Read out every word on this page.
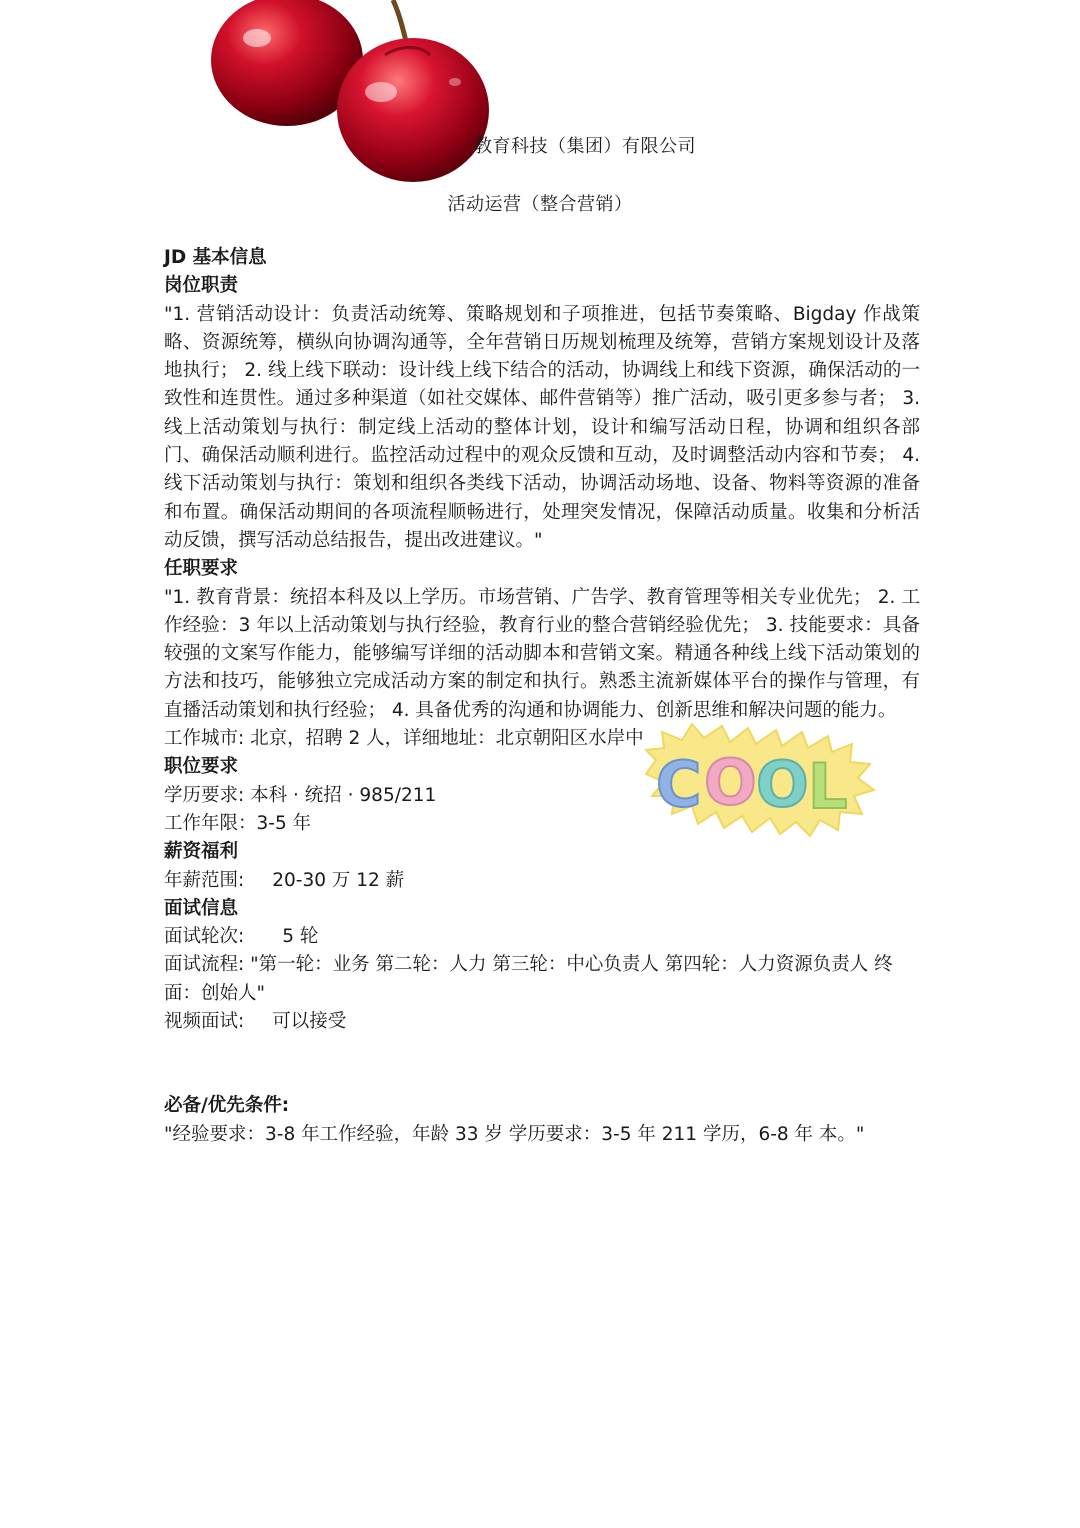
教育科技（集团）有限公司
活动运营（整合营销）

JD 基本信息

岗位职责

"1. 营销活动设计：负责活动统筹、策略规划和子项推进，包括节奏策略、Bigday 作战策略、资源统筹，横纵向协调沟通等，全年营销日历规划梳理及统筹，营销方案规划设计及落地执行； 2. 线上线下联动：设计线上线下结合的活动，协调线上和线下资源，确保活动的一致性和连贯性。通过多种渠道（如社交媒体、邮件营销等）推广活动，吸引更多参与者； 3. 线上活动策划与执行：制定线上活动的整体计划，设计和编写活动日程，协调和组织各部门、确保活动顺利进行。监控活动过程中的观众反馈和互动，及时调整活动内容和节奏； 4. 线下活动策划与执行：策划和组织各类线下活动，协调活动场地、设备、物料等资源的准备和布置。确保活动期间的各项流程顺畅进行，处理突发情况，保障活动质量。收集和分析活动反馈，撰写活动总结报告，提出改进建议。"

任职要求

"1. 教育背景：统招本科及以上学历。市场营销、广告学、教育管理等相关专业优先； 2. 工作经验：3 年以上活动策划与执行经验，教育行业的整合营销经验优先； 3. 技能要求：具备较强的文案写作能力，能够编写详细的活动脚本和营销文案。精通各种线上线下活动策划的方法和技巧，能够独立完成活动方案的制定和执行。熟悉主流新媒体平台的操作与管理，有直播活动策划和执行经验； 4. 具备优秀的沟通和协调能力、创新思维和解决问题的能力。

工作城市: 北京，招聘 2 人，详细地址：北京朝阳区水岸中

职位要求

学历要求: 本科 · 统招 · 985/211

工作年限：3-5 年

薪资福利

年薪范围: 20-30 万 12 薪

面试信息

面试轮次: 5 轮

面试流程: "第一轮：业务 第二轮：人力 第三轮：中心负责人 第四轮：人力资源负责人 终面：创始人"

视频面试: 可以接受

必备/优先条件:

"经验要求：3-8 年工作经验，年龄 33 岁 学历要求：3-5 年 211 学历，6-8 年 本。"

C O O L
